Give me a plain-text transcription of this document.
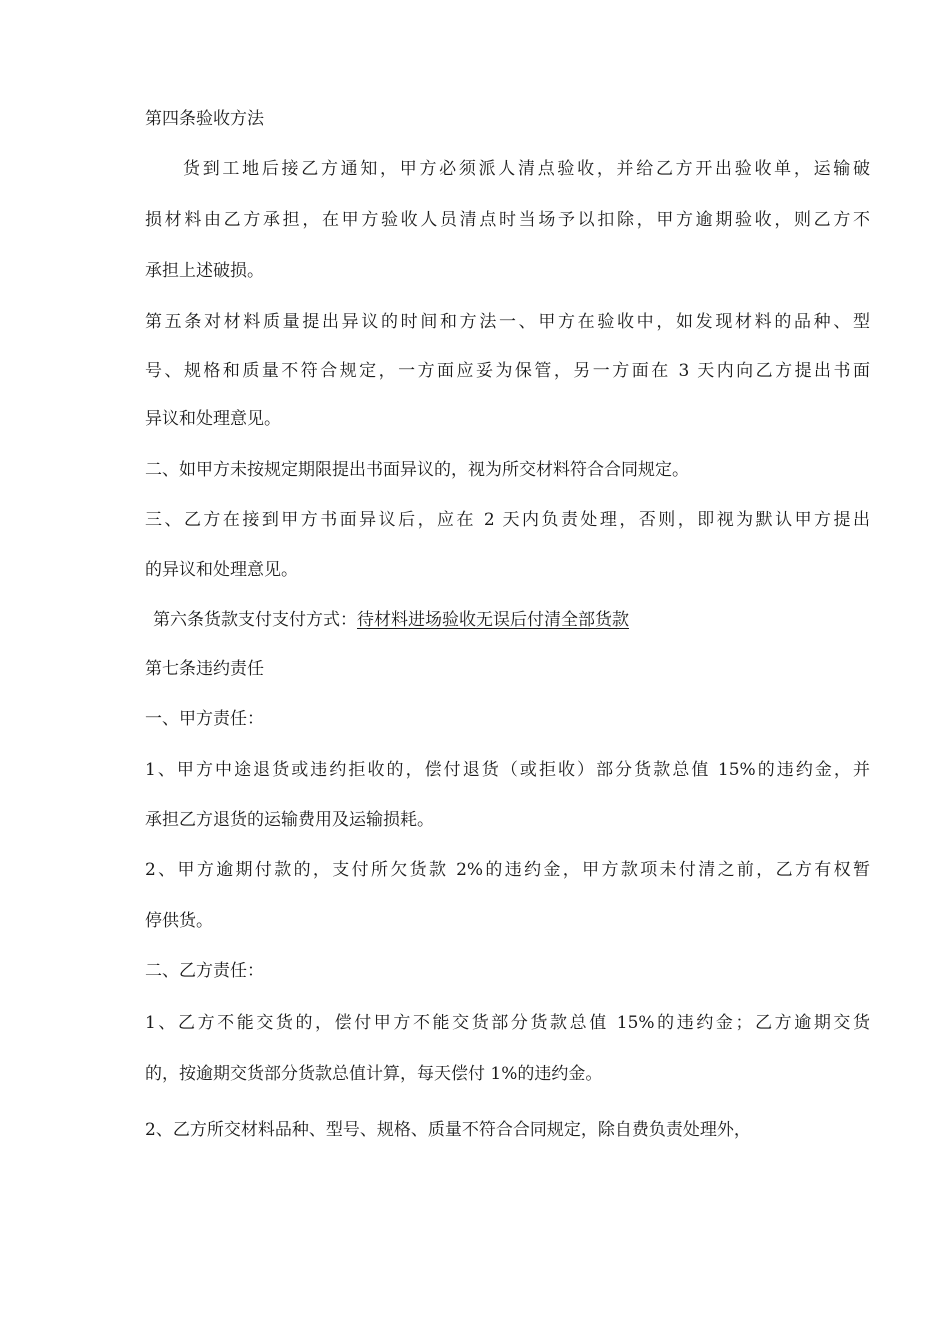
第四条验收方法
货到工地后接乙方通知，甲方必须派人清点验收，并给乙方开出验收单，运输破
损材料由乙方承担，在甲方验收人员清点时当场予以扣除，甲方逾期验收，则乙方不
承担上述破损。
第五条对材料质量提出异议的时间和方法一、甲方在验收中，如发现材料的品种、型
号、规格和质量不符合规定，一方面应妥为保管，另一方面在 3 天内向乙方提出书面
异议和处理意见。
二、如甲方未按规定期限提出书面异议的，视为所交材料符合合同规定。
三、乙方在接到甲方书面异议后，应在 2 天内负责处理，否则，即视为默认甲方提出
的异议和处理意见。
第六条货款支付支付方式：待材料进场验收无误后付清全部货款
第七条违约责任
一、甲方责任：
1、甲方中途退货或违约拒收的，偿付退货（或拒收）部分货款总值 15%的违约金，并
承担乙方退货的运输费用及运输损耗。
2、甲方逾期付款的，支付所欠货款 2%的违约金，甲方款项未付清之前，乙方有权暂
停供货。
二、乙方责任：
1、乙方不能交货的，偿付甲方不能交货部分货款总值 15%的违约金；乙方逾期交货
的，按逾期交货部分货款总值计算，每天偿付 1%的违约金。
2、乙方所交材料品种、型号、规格、质量不符合合同规定，除自费负责处理外，
